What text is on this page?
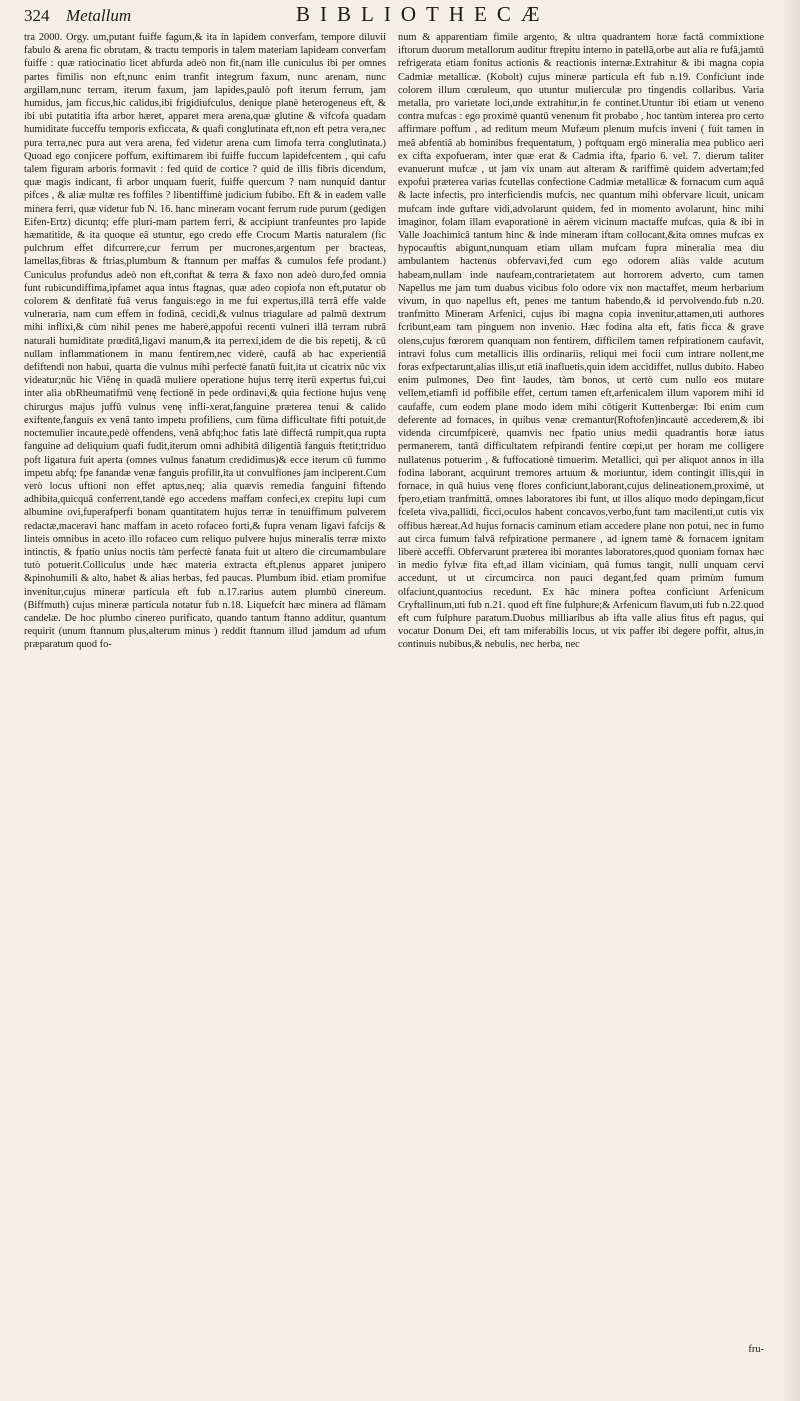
324 Metallum	BIBLIOTHECÆ
tra 2000. Orgy. um,putant fuiffe fagum,& ita in lapidem converfam, tempore diluvii fabulo & arena fic obrutam, & tractu temporis in talem materiam lapideam converfam fuiffe : quæ ratiocinatio licet abfurda adeò non fit,(nam ille cuniculus ibi per omnes partes fimilis non eft,nunc enim tranfit integrum faxum, nunc arenam, nunc argillam,nunc terram, iterum faxum, jam lapides,paulò poft iterum ferrum, jam humidus, jam ficcus,hic calidus,ibi frigidiufculus, denique planè heterogeneus eft, & ibi ubi putatitia ifta arbor hæret, apparet mera arena,quæ glutine & vifcofa quadam humiditate fucceffu temporis exficcata, & quafi conglutinata eft,non eft petra vera,nec pura terra,nec pura aut vera arena, fed videtur arena cum limofa terra conglutinata.) Quoad ego conjicere poffum, exiftimarem ibi fuiffe fuccum lapidefcentem , qui cafu talem figuram arboris formavit : fed quid de cortice ? quid de illis fibris dicendum, quæ magis indicant, fi arbor unquam fuerit, fuiffe quercum ? nam nunquid dantur pifces , & aliæ multæ res foffiles ? libentiffimè judicium fubibo. Eft & in eadem valle minera ferri, quæ videtur fub N. 16. hanc mineram vocant ferrum rude purum (gedigen Eifen-Ertz) dicuntq; effe pluri-mam partem ferri, & accipiunt tranfeuntes pro lapide hæmatitide, & ita quoque eâ utuntur, ego credo effe Crocum Martis naturalem (fic pulchrum effet difcurrere,cur ferrum per mucrones,argentum per bracteas, lamellas,fibras & ftrias,plumbum & ftannum per maffas & cumulos fefe prodant.) Cuniculus profundus adeò non eft,conftat & terra & faxo non adeò duro,fed omnia funt rubicundiffima,ipfamet aqua intus ftagnas, quæ adeo copiofa non eft,putatur ob colorem & denfitatè fuâ verus fanguis:ego in me fui expertus,illâ terrâ effe valde vulneraria, nam cum effem in fodinâ, cecidi,& vulnus triagulare ad palmū dextrum mihi inflixi,& cùm nihil penes me haberè,appofui recenti vulneri illâ terram rubrâ naturali humiditate prœditâ,ligavi manum,& ita perrexi,idem de die bis repetij, & cū nullam inflammationem in manu fentirem,nec viderè, caufâ ab hac experientiâ defiftendi non habui, quarta die vulnus mihi perfectè fanatū fuit,ita ut cicatrix nūc vix videatur;nūc hic Viēnę in quadā muliere operatione hujus terrę iterū expertus fui,cui inter alia obRheumatifmū venę fectionē in pede ordinavi,& quia fectione hujus venę chirurgus majus juffū vulnus venę infli-xerat,fanguine præterea tenui & calido exiftente,fanguis ex venâ tanto impetu profiliens, cum fūma difficultate fifti potuit,de noctemulier incaute,pedè offendens, venâ abfq;hoc fatis latè diffectâ rumpit,qua rupta fanguine ad deliquium quafi fudit,iterum omni adhibitâ diligentiâ fanguis ftetit;triduo poft ligatura fuit aperta (omnes vulnus fanatum credidimus)& ecce iterum cū fummo impetu abfq; fpe fanandæ venæ fanguis profilit,ita ut convulfiones jam inciperent.Cum verò locus uftioni non effet aptus,neq; alia quævis remedia fanguini fiftendo adhibita,quicquâ conferrent,tandè ego accedens maffam confeci,ex crepitu lupi cum albumine ovi,fuperafperfi bonam quantitatem hujus terræ in tenuiffimum pulverem redactæ,maceravi hanc maffam in aceto rofaceo forti,& fupra venam ligavi fafcijs & linteis omnibus in aceto illo rofaceo cum reliquo pulvere hujus mineralis terræ mixto intinctis, & fpatio unius noctis tàm perfectè fanata fuit ut altero die circumambulare tutò potuerit.Colliculus unde hæc materia extracta eft,plenus apparet junipero &pinohumili & alto, habet & alias herbas, fed paucas. Plumbum ibid. etiam promifue invenitur,cujus mineræ particula eft fub n.17.rarius autem plumbū cinereum.(Biffmuth) cujus mineræ particula notatur fub n.18. Liquefcit hæc minera ad flāmam candelæ. De hoc plumbo cinereo purificato, quando tantum ftanno additur, quantum requirit (unum ftannum plus,alterum minus ) reddit ftannum illud jamdum ad ufum præparatum quod fo-
num & apparentiam fimile argento, & ultra quadrantem horæ factâ commixtione iftorum duorum metallorum auditur ftrepitu interno in patellâ,orbe aut alia re fufâ,jamtū refrigerata etiam fonitus actionis & reactionis internæ.Extrahitur & ibi magna copia Cadmiæ metallicæ. (Kobolt) cujus mineræ particula eft fub n.19. Conficiunt inde colorem illum cœruleum, quo utuntur mulierculæ pro tingendis collaribus. Varia metalla, pro varietate loci,unde extrahitur,in fe continet.Utuntur ibi etiam ut veneno contra mufcas : ego proximè quantū venenum fit probabo , hoc tantùm interea pro certo affirmare poffum , ad reditum meum Mufæum plenum mufcis inveni ( fuit tamen in meâ abfentiâ ab hominibus frequentatum, ) poftquam ergò mineralia mea publico aeri ex cifta expofueram, inter quæ erat & Cadmia ifta, fpario 6. vel. 7. dierum taliter evanuerunt mufcæ , ut jam vix unam aut alteram & rariffimè quidem advertam;fed expofui præterea varias fcutellas confectione Cadmiæ metallicæ & fornacum cum aquâ & lacte infectis, pro interficiendis mufcis, nec quantum mihi obfervare licuit, unicam mufcam inde guftare vidi,advolarunt quidem, fed in momento avolarunt, hinc mihi imaginor, folam illam evaporationè in aërem vicinum mactaffe mufcas, quia & ibi in Valle Joachimicâ tantum hinc & inde mineram iftam collocant,&ita omnes mufcas ex hypocauftis abigunt,nunquam etiam ullam mufcam fupra mineralia mea diu ambulantem hactenus obfervavi,fed cum ego odorem aliàs valde acutum habeam,nullam inde naufeam,contrarietatem aut horrorem adverto, cum tamen Napellus me jam tum duabus vicibus folo odore vix non mactaffet, meum herbarium vivum, in quo napellus eft, penes me tantum habendo,& id pervolvendo.fub n.20. tranfmitto Mineram Arfenici, cujus ibi magna copia invenitur,attamen,uti authores fcribunt,eam tam pinguem non invenio. Hæc fodina alta eft, fatis ficca & grave olens,cujus fœrorem quanquam non fentirem, difficilem tamen refpirationem caufavit, intravi folus cum metallicis illis ordinariis, reliqui mei focii cum intrare nollent,me foras exfpectarunt,alias illis,ut etiā inafluetis,quin idem accidiffet, nullus dubito. Habeo enim pulmones, Deo fint laudes, tàm bonos, ut certò cum nullo eos mutare vellem,etiamfi id poffibile effet, certum tamen eft,arfenicalem illum vaporem mihi id caufaffe, cum eodem plane modo idem mihi cōtigerit Kuttenbergæ: Ibi enim cum deferente ad fornaces, in quibus venæ cremantur(Roftofen)incautè accederem,& ibi videnda circumfpicerè, quamvis nec fpatio unius medii quadrantis horæ iatus permanerem, tantâ difficultatem refpirandi fentire cœpi,ut per horam me colligere nullatenus potuerim , & fuffocationè timuerim. Metallici, qui per aliquot annos in illa fodina laborant, acquirunt tremores artuum & moriuntur, idem contingit illis,qui in fornace, in quâ huius venę flores conficiunt,laborant,cujus delineationem,proximè, ut fpero,etiam tranfmittā, omnes laboratores ibi funt, ut illos aliquo modo depingam,ficut fceleta viva,pallidi, ficci,oculos habent concavos,verbo,funt tam macilenti,ut cutis vix offibus hæreat.Ad hujus fornacis caminum etiam accedere plane non potui, nec in fumo aut circa fumum falvâ refpiratione permanere , ad ignem tamè & fornacem ignitam liberè acceffi. Obfervarunt præterea ibi morantes laboratores,quod quoniam fornax hæc in medio fylvæ fita eft,ad illam viciniam, quâ fumus tangit, nulli unquam cervi accedunt, ut ut circumcirca non pauci degant,fed quam primùm fumum olfaciunt,quantocius recedunt. Ex hâc minera poftea conficiunt Arfenicum Cryftallinum,uti fub n.21. quod eft fine fulphure;& Arfenicum flavum,uti fub n.22.quod eft cum fulphure paratum.Duobus milliaribus ab ifta valle alius fitus eft pagus, qui vocatur Donum Dei, eft tam miferabilis locus, ut vix paffer ibi degere poffit, altus,in continuis nubibus,& nebulis, nec herba, nec
fru-
